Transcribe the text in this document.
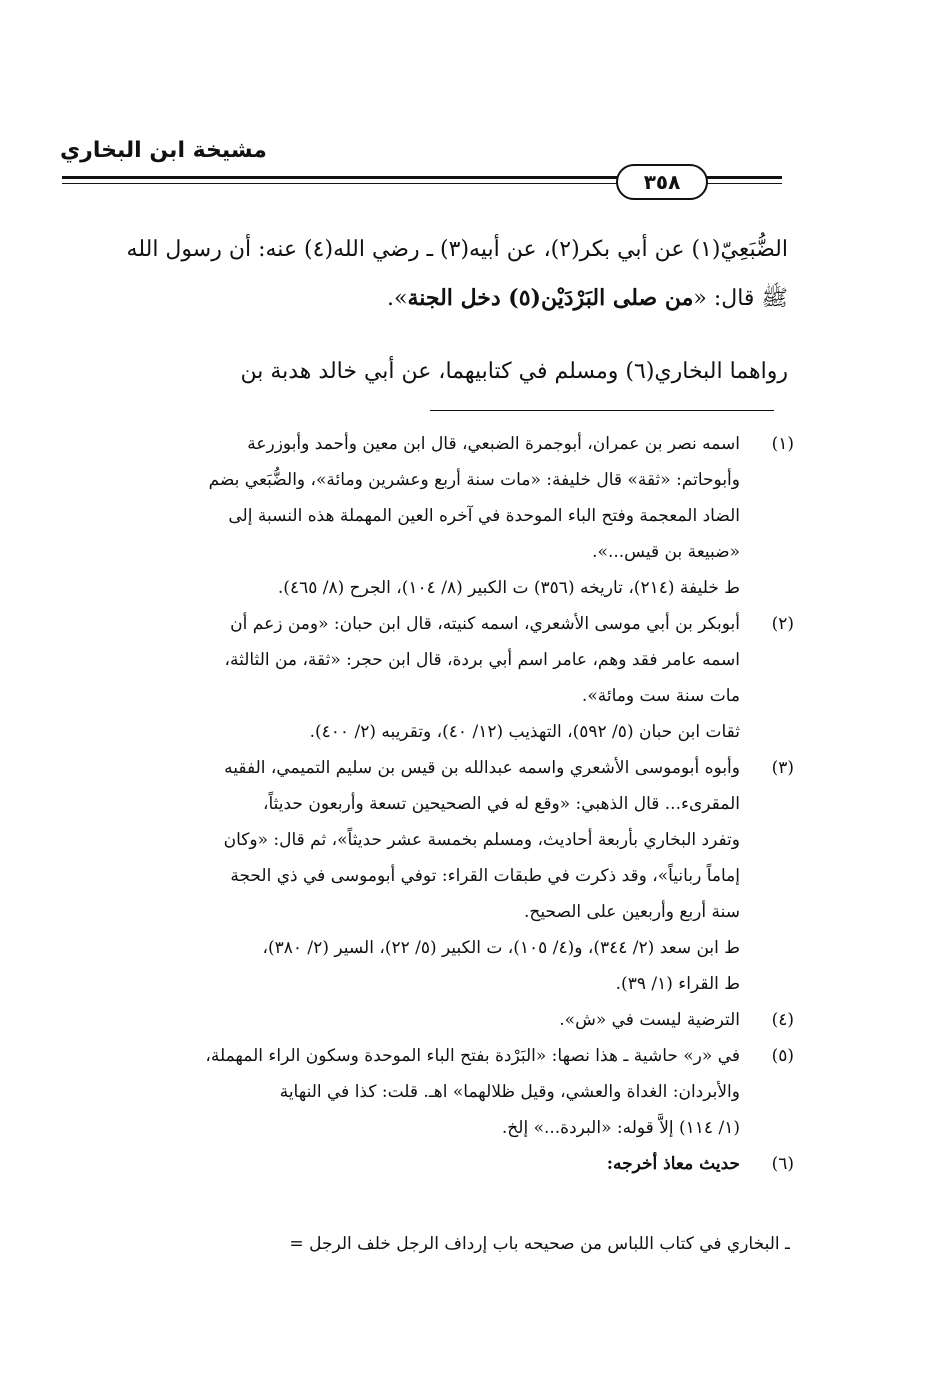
مشيخة ابن البخاري
٣٥٨
الضُّبَعِيّ(١) عن أبي بكر(٢)، عن أبيه(٣) ـ رضي الله(٤) عنه: أن رسول الله
ﷺ قال: «من صلى البَرْدَيْن(٥) دخل الجنة».
رواهما البخاري(٦) ومسلم في كتابيهما، عن أبي خالد هدبة بن
(١)
اسمه نصر بن عمران، أبوجمرة الضبعي، قال ابن معين وأحمد وأبوزرعة
وأبوحاتم: «ثقة» قال خليفة: «مات سنة أربع وعشرين ومائة»، والضُّبَعي بضم
الضاد المعجمة وفتح الباء الموحدة في آخره العين المهملة هذه النسبة إلى
«ضبيعة بن قيس...».
ط خليفة (٢١٤)، تاريخه (٣٥٦) ت الكبير (٨/ ١٠٤)، الجرح (٨/ ٤٦٥).
(٢)
أبوبكر بن أبي موسى الأشعري، اسمه كنيته، قال ابن حبان: «ومن زعم أن
اسمه عامر فقد وهم، عامر اسم أبي بردة، قال ابن حجر: «ثقة، من الثالثة،
مات سنة ست ومائة».
ثقات ابن حبان (٥/ ٥٩٢)، التهذيب (١٢/ ٤٠)، وتقريبه (٢/ ٤٠٠).
(٣)
وأبوه أبوموسى الأشعري واسمه عبدالله بن قيس بن سليم التميمي، الفقيه
المقرىء... قال الذهبي: «وقع له في الصحيحين تسعة وأربعون حديثاً،
وتفرد البخاري بأربعة أحاديث، ومسلم بخمسة عشر حديثاً»، ثم قال: «وكان
إماماً ربانياً»، وقد ذكرت في طبقات القراء: توفي أبوموسى في ذي الحجة
سنة أربع وأربعين على الصحيح.
ط ابن سعد (٢/ ٣٤٤)، و(٤/ ١٠٥)، ت الكبير (٥/ ٢٢)، السير (٢/ ٣٨٠)،
ط القراء (١/ ٣٩).
(٤)
الترضية ليست في «ش».
(٥)
في «ر» حاشية ـ هذا نصها: «البَرْدة بفتح الباء الموحدة وسكون الراء المهملة،
والأبردان: الغداة والعشي، وقيل ظلالهما» اهـ. قلت: كذا في النهاية
(١/ ١١٤) إلاَّ قوله: «البردة...» إلخ.
(٦)
حديث معاذ أخرجه:
ـ البخاري في كتاب اللباس من صحيحه باب إرداف الرجل خلف الرجل =
